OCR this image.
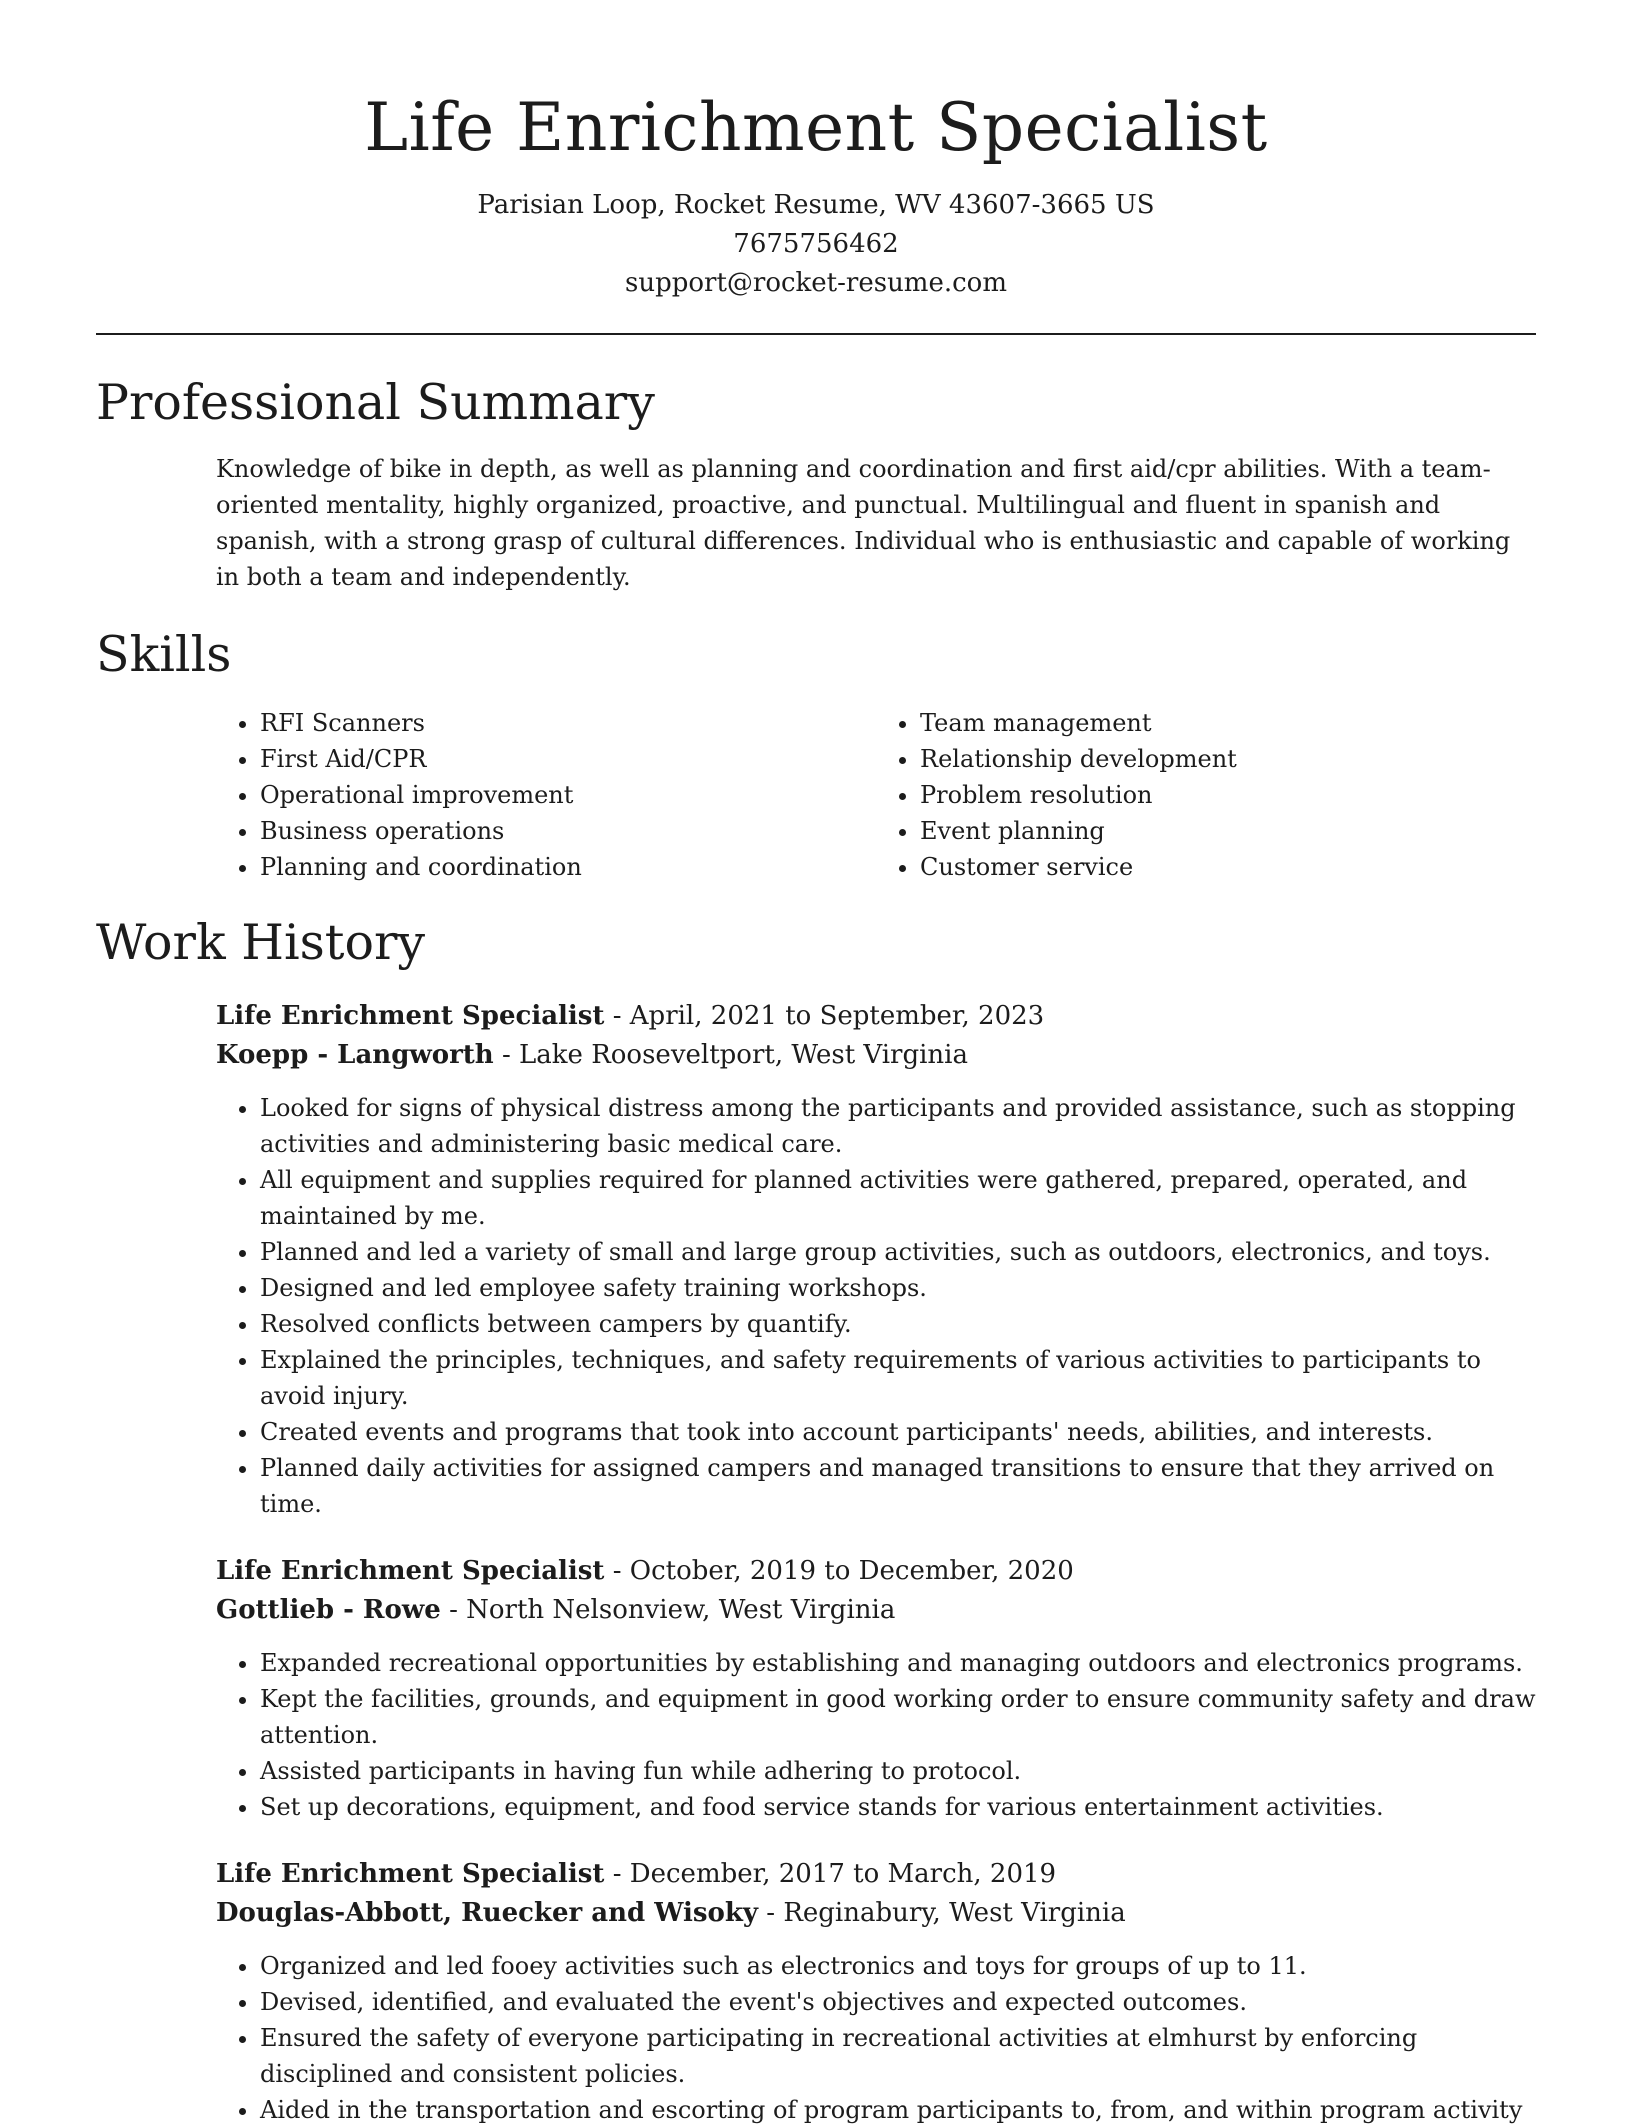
Life Enrichment Specialist
Parisian Loop, Rocket Resume, WV 43607-3665 US
7675756462
support@rocket-resume.com
Professional Summary

Knowledge of bike in depth, as well as planning and coordination and first aid/cpr abilities. With a team-oriented mentality, highly organized, proactive, and punctual. Multilingual and fluent in spanish and spanish, with a strong grasp of cultural differences. Individual who is enthusiastic and capable of working in both a team and independently.

Skills
• RFI Scanners
• First Aid/CPR
• Operational improvement
• Business operations
• Planning and coordination
• Team management
• Relationship development
• Problem resolution
• Event planning
• Customer service
Work History
Life Enrichment Specialist - April, 2021 to September, 2023
Koepp - Langworth - Lake Rooseveltport, West Virginia
• Looked for signs of physical distress among the participants and provided assistance, such as stopping activities and administering basic medical care.
• All equipment and supplies required for planned activities were gathered, prepared, operated, and maintained by me.
• Planned and led a variety of small and large group activities, such as outdoors, electronics, and toys.
• Designed and led employee safety training workshops.
• Resolved conflicts between campers by quantify.
• Explained the principles, techniques, and safety requirements of various activities to participants to avoid injury.
• Created events and programs that took into account participants' needs, abilities, and interests.
• Planned daily activities for assigned campers and managed transitions to ensure that they arrived on time.
Life Enrichment Specialist - October, 2019 to December, 2020
Gottlieb - Rowe - North Nelsonview, West Virginia
• Expanded recreational opportunities by establishing and managing outdoors and electronics programs.
• Kept the facilities, grounds, and equipment in good working order to ensure community safety and draw attention.
• Assisted participants in having fun while adhering to protocol.
• Set up decorations, equipment, and food service stands for various entertainment activities.
Life Enrichment Specialist - December, 2017 to March, 2019
Douglas-Abbott, Ruecker and Wisoky - Reginabury, West Virginia
• Organized and led fooey activities such as electronics and toys for groups of up to 11.
• Devised, identified, and evaluated the event's objectives and expected outcomes.
• Ensured the safety of everyone participating in recreational activities at elmhurst by enforcing disciplined and consistent policies.
• Aided in the transportation and escorting of program participants to, from, and within program activity
